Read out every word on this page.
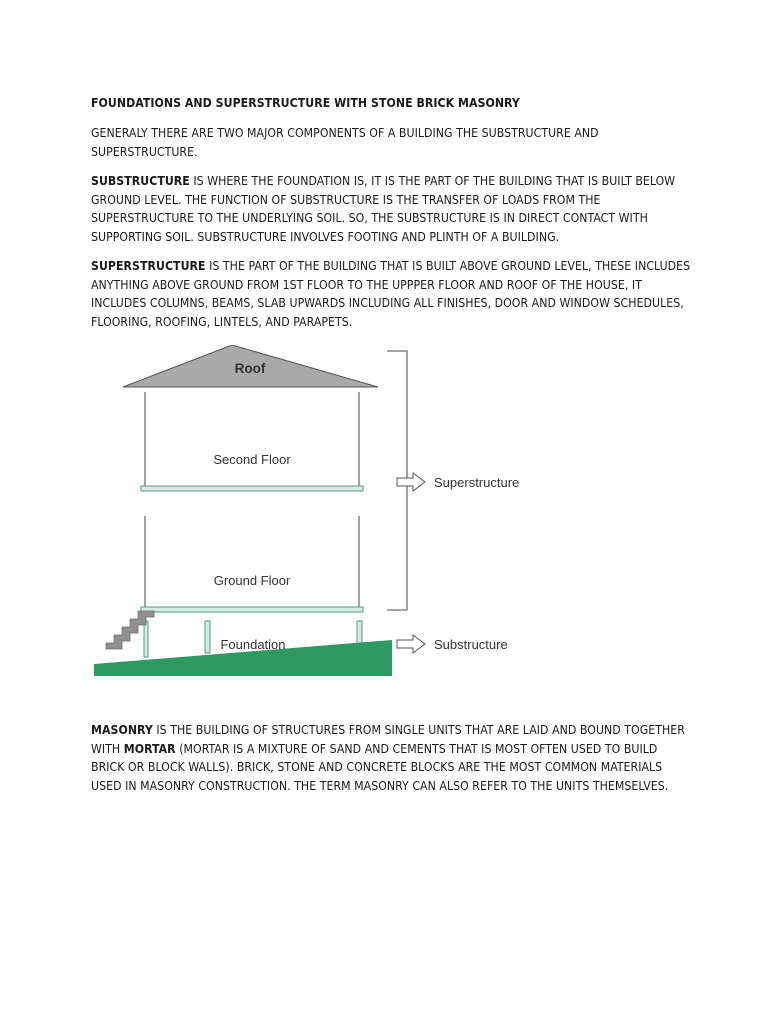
FOUNDATIONS AND SUPERSTRUCTURE WITH STONE BRICK MASONRY

GENERALY THERE ARE TWO MAJOR COMPONENTS OF A BUILDING THE SUBSTRUCTURE AND SUPERSTRUCTURE.

SUBSTRUCTURE IS WHERE THE FOUNDATION IS, IT IS THE PART OF THE BUILDING THAT IS BUILT BELOW GROUND LEVEL. THE FUNCTION OF SUBSTRUCTURE IS THE TRANSFER OF LOADS FROM THE SUPERSTRUCTURE TO THE UNDERLYING SOIL. SO, THE SUBSTRUCTURE IS IN DIRECT CONTACT WITH SUPPORTING SOIL. SUBSTRUCTURE INVOLVES FOOTING AND PLINTH OF A BUILDING.

SUPERSTRUCTURE IS THE PART OF THE BUILDING THAT IS BUILT ABOVE GROUND LEVEL, THESE INCLUDES ANYTHING ABOVE GROUND FROM 1ST FLOOR TO THE UPPPER FLOOR AND ROOF OF THE HOUSE, IT INCLUDES COLUMNS, BEAMS, SLAB UPWARDS INCLUDING ALL FINISHES, DOOR AND WINDOW SCHEDULES, FLOORING, ROOFING, LINTELS, AND PARAPETS.

Roof
Second Floor
Ground Floor
Foundation
Superstructure
Substructure

MASONRY IS THE BUILDING OF STRUCTURES FROM SINGLE UNITS THAT ARE LAID AND BOUND TOGETHER WITH MORTAR (MORTAR IS A MIXTURE OF SAND AND CEMENTS THAT IS MOST OFTEN USED TO BUILD BRICK OR BLOCK WALLS). BRICK, STONE AND CONCRETE BLOCKS ARE THE MOST COMMON MATERIALS USED IN MASONRY CONSTRUCTION. THE TERM MASONRY CAN ALSO REFER TO THE UNITS THEMSELVES.
